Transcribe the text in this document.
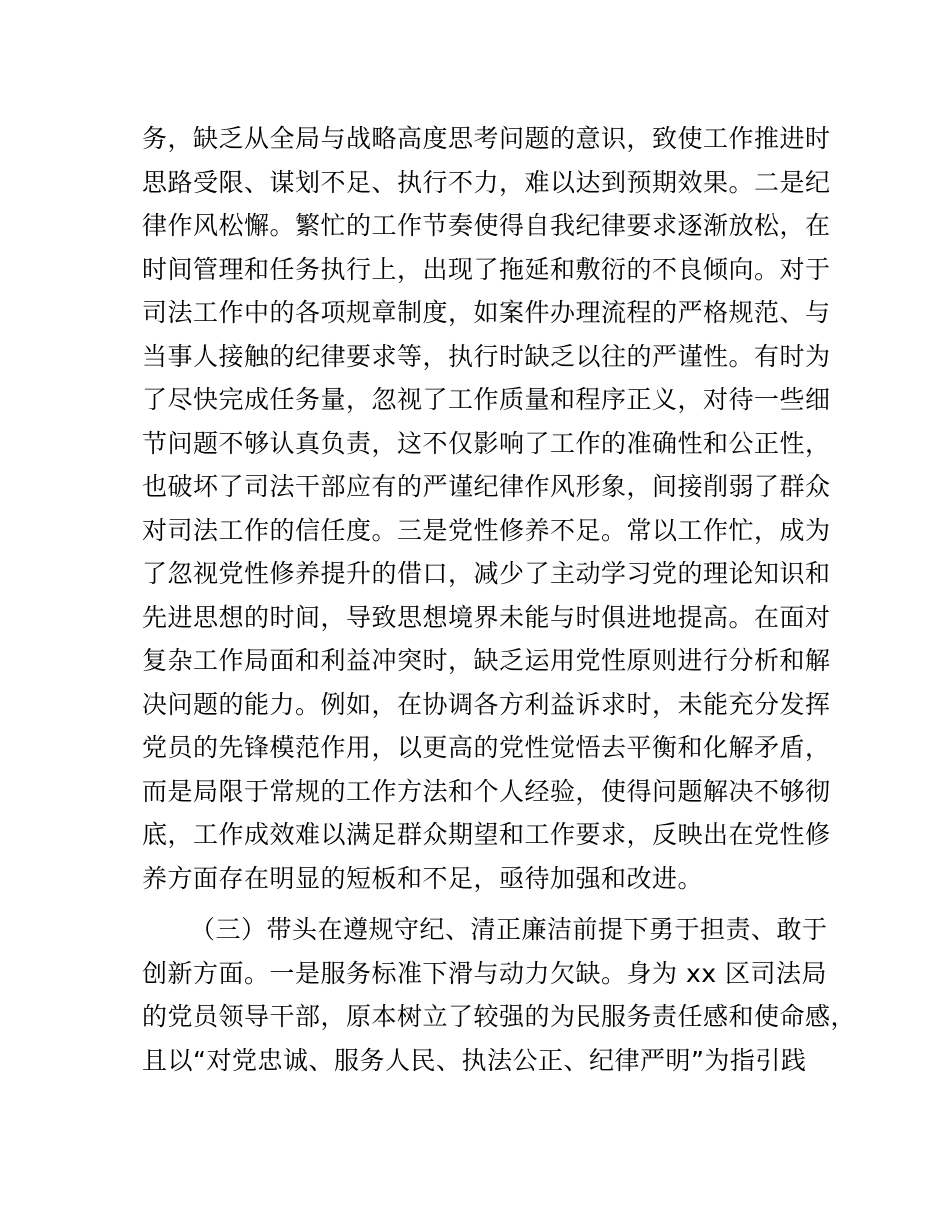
务，缺乏从全局与战略高度思考问题的意识，致使工作推进时
思路受限、谋划不足、执行不力，难以达到预期效果。二是纪
律作风松懈。繁忙的工作节奏使得自我纪律要求逐渐放松，在
时间管理和任务执行上，出现了拖延和敷衍的不良倾向。对于
司法工作中的各项规章制度，如案件办理流程的严格规范、与
当事人接触的纪律要求等，执行时缺乏以往的严谨性。有时为
了尽快完成任务量，忽视了工作质量和程序正义，对待一些细
节问题不够认真负责，这不仅影响了工作的准确性和公正性，
也破坏了司法干部应有的严谨纪律作风形象，间接削弱了群众
对司法工作的信任度。三是党性修养不足。常以工作忙，成为
了忽视党性修养提升的借口，减少了主动学习党的理论知识和
先进思想的时间，导致思想境界未能与时俱进地提高。在面对
复杂工作局面和利益冲突时，缺乏运用党性原则进行分析和解
决问题的能力。例如，在协调各方利益诉求时，未能充分发挥
党员的先锋模范作用，以更高的党性觉悟去平衡和化解矛盾，
而是局限于常规的工作方法和个人经验，使得问题解决不够彻
底，工作成效难以满足群众期望和工作要求，反映出在党性修
养方面存在明显的短板和不足，亟待加强和改进。
（三）带头在遵规守纪、清正廉洁前提下勇于担责、敢于
创新方面。一是服务标准下滑与动力欠缺。身为 xx 区司法局
的党员领导干部，原本树立了较强的为民服务责任感和使命感，
且以“对党忠诚、服务人民、执法公正、纪律严明”为指引践
